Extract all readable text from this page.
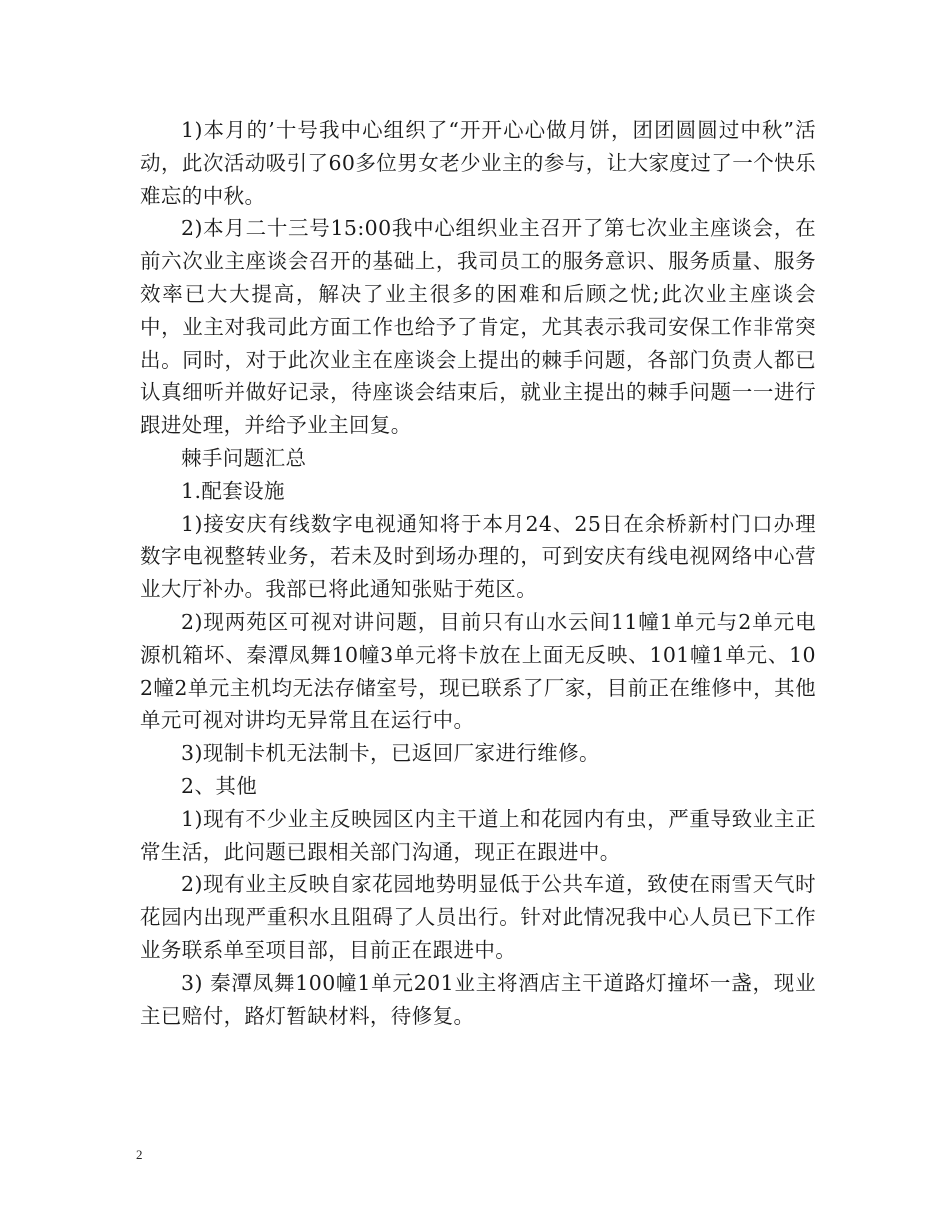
1)本月的’十号我中心组织了“开开心心做月饼，团团圆圆过中秋”活动，此次活动吸引了60多位男女老少业主的参与，让大家度过了一个快乐难忘的中秋。

2)本月二十三号15:00我中心组织业主召开了第七次业主座谈会，在前六次业主座谈会召开的基础上，我司员工的服务意识、服务质量、服务效率已大大提高，解决了业主很多的困难和后顾之忧;此次业主座谈会中，业主对我司此方面工作也给予了肯定，尤其表示我司安保工作非常突出。同时，对于此次业主在座谈会上提出的棘手问题，各部门负责人都已认真细听并做好记录，待座谈会结束后，就业主提出的棘手问题一一进行跟进处理，并给予业主回复。

棘手问题汇总

1.配套设施

1)接安庆有线数字电视通知将于本月24、25日在余桥新村门口办理数字电视整转业务，若未及时到场办理的，可到安庆有线电视网络中心营业大厅补办。我部已将此通知张贴于苑区。

2)现两苑区可视对讲问题，目前只有山水云间11幢1单元与2单元电源机箱坏、秦潭凤舞10幢3单元将卡放在上面无反映、101幢1单元、102幢2单元主机均无法存储室号，现已联系了厂家，目前正在维修中，其他单元可视对讲均无异常且在运行中。

3)现制卡机无法制卡，已返回厂家进行维修。

2、其他

1)现有不少业主反映园区内主干道上和花园内有虫，严重导致业主正常生活，此问题已跟相关部门沟通，现正在跟进中。

2)现有业主反映自家花园地势明显低于公共车道，致使在雨雪天气时花园内出现严重积水且阻碍了人员出行。针对此情况我中心人员已下工作业务联系单至项目部，目前正在跟进中。

3) 秦潭凤舞100幢1单元201业主将酒店主干道路灯撞坏一盏，现业主已赔付，路灯暂缺材料，待修复。

2
